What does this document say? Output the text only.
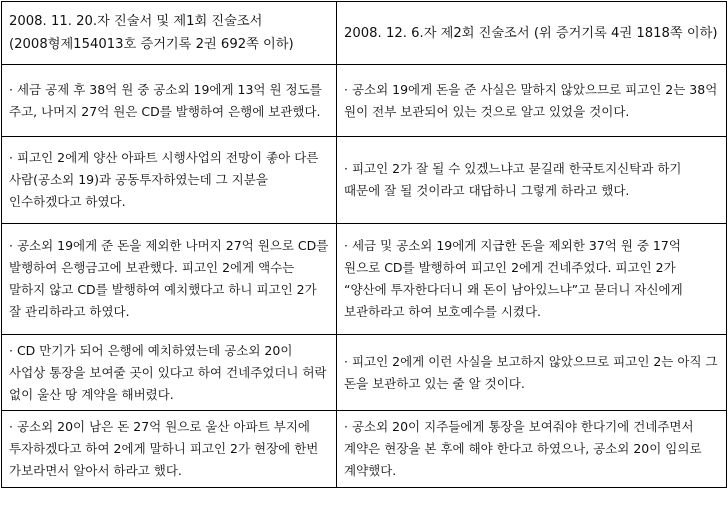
2008. 11. 20.자 진술서 및 제1회 진술조서 (2008형제154013호 증거기록 2권 692쪽 이하)	2008. 12. 6.자 제2회 진술조서 (위 증거기록 4권 1818쪽 이하)
· 세금 공제 후 38억 원 중 공소외 19에게 13억 원 정도를 주고, 나머지 27억 원은 CD를 발행하여 은행에 보관했다.	· 공소외 19에게 돈을 준 사실은 말하지 않았으므로 피고인 2는 38억 원이 전부 보관되어 있는 것으로 알고 있었을 것이다.
· 피고인 2에게 양산 아파트 시행사업의 전망이 좋아 다른 사람(공소외 19)과 공동투자하였는데 그 지분을 인수하겠다고 하였다.	· 피고인 2가 잘 될 수 있겠느냐고 묻길래 한국토지신탁과 하기 때문에 잘 될 것이라고 대답하니 그렇게 하라고 했다.
· 공소외 19에게 준 돈을 제외한 나머지 27억 원으로 CD를 발행하여 은행금고에 보관했다. 피고인 2에게 액수는 말하지 않고 CD를 발행하여 예치했다고 하니 피고인 2가 잘 관리하라고 하였다.	· 세금 및 공소외 19에게 지급한 돈을 제외한 37억 원 중 17억 원으로 CD를 발행하여 피고인 2에게 건네주었다. 피고인 2가 “양산에 투자한다더니 왜 돈이 남아있느냐”고 묻더니 자신에게 보관하라고 하여 보호예수를 시켰다.
· CD 만기가 되어 은행에 예치하였는데 공소외 20이 사업상 통장을 보여줄 곳이 있다고 하여 건네주었더니 허락 없이 울산 땅 계약을 해버렸다.	· 피고인 2에게 이런 사실을 보고하지 않았으므로 피고인 2는 아직 그 돈을 보관하고 있는 줄 알 것이다.
· 공소외 20이 남은 돈 27억 원으로 울산 아파트 부지에 투자하겠다고 하여 2에게 말하니 피고인 2가 현장에 한번 가보라면서 알아서 하라고 했다.	· 공소외 20이 지주들에게 통장을 보여줘야 한다기에 건네주면서 계약은 현장을 본 후에 해야 한다고 하였으나, 공소외 20이 임의로 계약했다.
